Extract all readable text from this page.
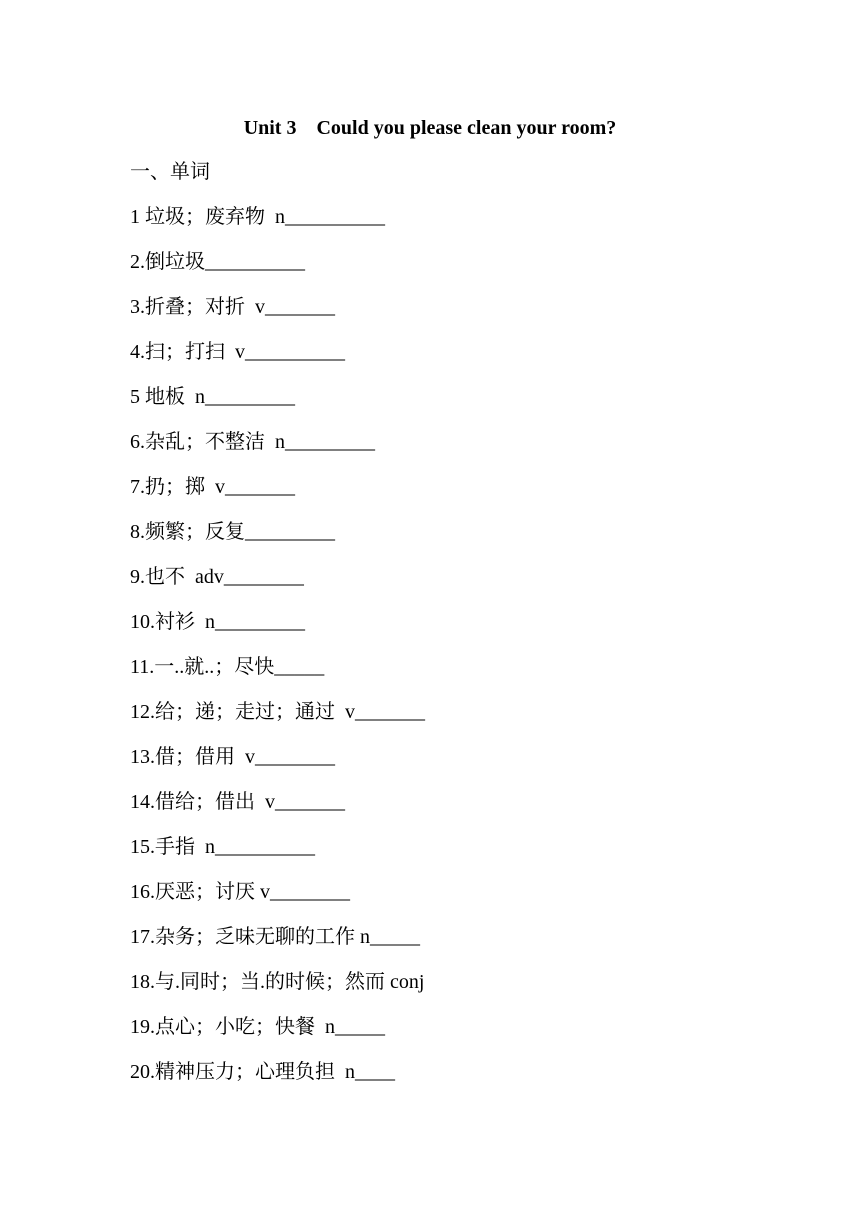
Unit 3    Could you please clean your room?
一、单词
1 垃圾；废弃物  n__________
2.倒垃圾__________
3.折叠；对折  v_______
4.扫；打扫  v__________
5 地板  n_________
6.杂乱；不整洁  n_________
7.扔；掷  v_______
8.频繁；反复_________
9.也不  adv________
10.衬衫  n_________
11.一..就..；尽快_____
12.给；递；走过；通过  v_______
13.借；借用  v________
14.借给；借出  v_______
15.手指  n__________
16.厌恶；讨厌 v________
17.杂务；乏味无聊的工作 n_____
18.与.同时；当.的时候；然而 conj
19.点心；小吃；快餐  n_____
20.精神压力；心理负担  n____
